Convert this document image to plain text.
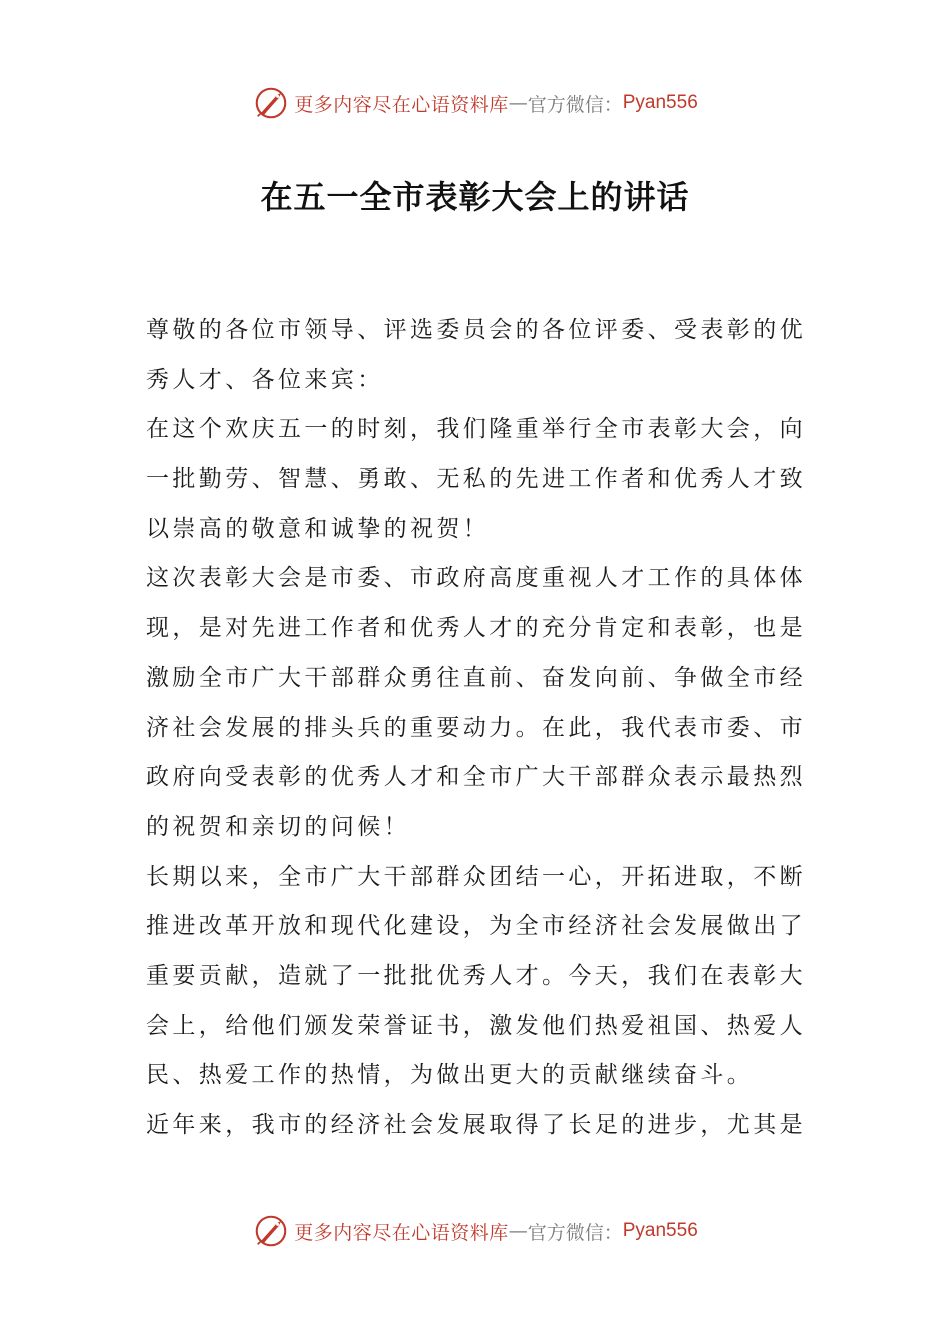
更多内容尽在心语资料库 — 官方微信： Pyan556
在五一全市表彰大会上的讲话
尊敬的各位市领导、评选委员会的各位评委、受表彰的优
秀人才、各位来宾：
在这个欢庆五一的时刻，我们隆重举行全市表彰大会，向
一批勤劳、智慧、勇敢、无私的先进工作者和优秀人才致
以崇高的敬意和诚挚的祝贺！
这次表彰大会是市委、市政府高度重视人才工作的具体体
现，是对先进工作者和优秀人才的充分肯定和表彰，也是
激励全市广大干部群众勇往直前、奋发向前、争做全市经
济社会发展的排头兵的重要动力。在此，我代表市委、市
政府向受表彰的优秀人才和全市广大干部群众表示最热烈
的祝贺和亲切的问候！
长期以来，全市广大干部群众团结一心，开拓进取，不断
推进改革开放和现代化建设，为全市经济社会发展做出了
重要贡献，造就了一批批优秀人才。今天，我们在表彰大
会上，给他们颁发荣誉证书，激发他们热爱祖国、热爱人
民、热爱工作的热情，为做出更大的贡献继续奋斗。
近年来，我市的经济社会发展取得了长足的进步，尤其是
更多内容尽在心语资料库 — 官方微信： Pyan556
